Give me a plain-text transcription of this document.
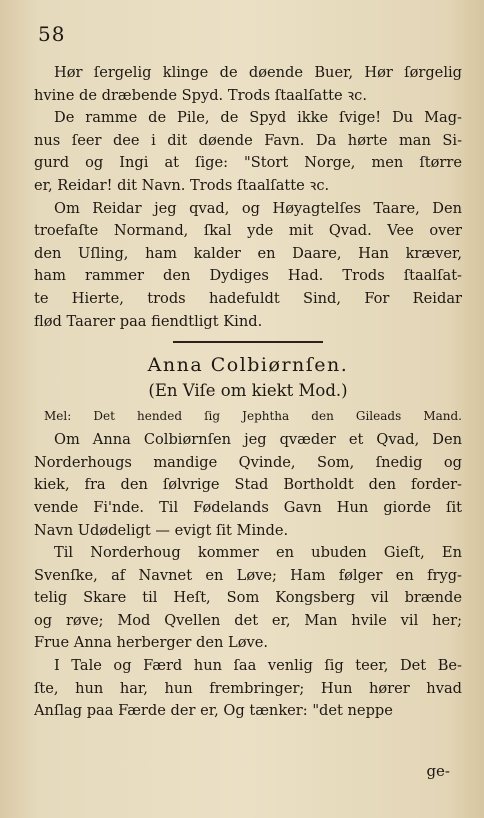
58
Hør ſergelig klinge de døende Buer, Hør ſørgelig
hvine de dræbende Spyd. Trods ſtaalſatte ꝛc.
De ramme de Pile, de Spyd ikke ſvige! Du Mag-
nus ſeer dee i dit døende Favn. Da hørte man Si-
gurd og Ingi at ſige: "Stort Norge, men ſtørre
er, Reidar! dit Navn. Trods ſtaalſatte ꝛc.
Om Reidar jeg qvad, og Høyagtelſes Taare, Den
troefaſte Normand, ſkal yde mit Qvad. Vee over
den Uſling, ham kalder en Daare, Han kræver,
ham rammer den Dydiges Had. Trods ſtaalſat-
te Hierte, trods hadefuldt Sind, For Reidar
flød Taarer paa fiendtligt Kind.
Anna Colbiørnſen.
(En Viſe om kiekt Mod.)
Mel: Det hended ſig Jephtha den Gileads Mand.
Om Anna Colbiørnſen jeg qvæder et Qvad, Den
Norderhougs mandige Qvinde, Som, ſnedig og
kiek, fra den ſølvrige Stad Bortholdt den forder-
vende Fi'nde. Til Fødelands Gavn Hun giorde ſit
Navn Udødeligt — evigt ſit Minde.
Til Norderhoug kommer en ubuden Gieſt, En
Svenſke, af Navnet en Løve; Ham følger en fryg-
telig Skare til Heſt, Som Kongsberg vil brænde
og røve; Mod Qvellen det er, Man hvile vil her;
Frue Anna herberger den Løve.
I Tale og Færd hun ſaa venlig ſig teer, Det Be-
ſte, hun har, hun frembringer; Hun hører hvad
Anſlag paa Færde der er, Og tænker: "det neppe
ge-
